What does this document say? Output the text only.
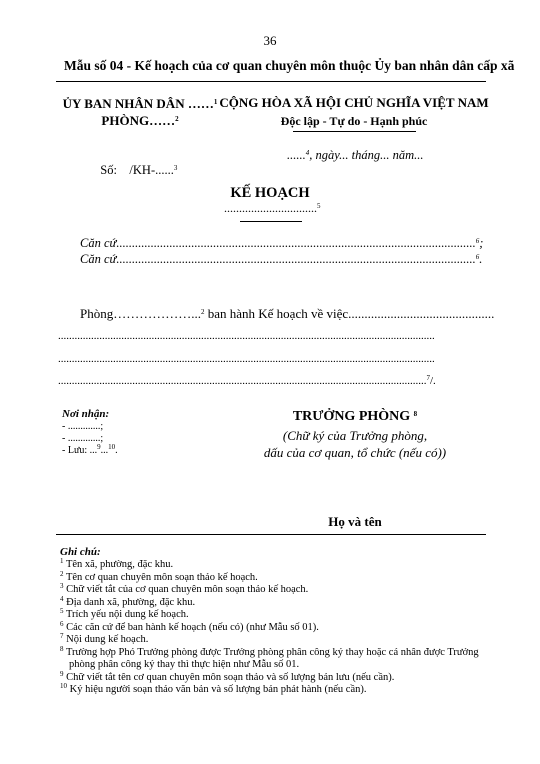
36
Mẫu số 04 - Kế hoạch của cơ quan chuyên môn thuộc Ủy ban nhân dân cấp xã
ỦY BAN NHÂN DÂN ……$^1$
PHÒNG……$^2$
CỘNG HÒA XÃ HỘI CHỦ NGHĨA VIỆT NAM
Độc lập - Tự do - Hạnh phúc

Số:    /KH-......$^3$

......$^4$, ngày... tháng... năm...
KẾ HOẠCH
...............................$^5$
Căn cứ...................................................................................................................$^6$;
Căn cứ...................................................................................................................$^6$.
Phòng………………...$^2$ ban hành Kế hoạch về việc.............................................
.........................................................................................................................................
.........................................................................................................................................
......................................................................................................................................$^7$/.
Nơi nhận:
- .............;
- .............;
- Lưu: ...$^9$...$^{10}$.
TRƯỞNG PHÒNG $^8$
(Chữ ký của Trưởng phòng,
dấu của cơ quan, tổ chức (nếu có))
Họ và tên
Ghi chú:
$^1$ Tên xã, phường, đặc khu.
$^2$ Tên cơ quan chuyên môn soạn thảo kế hoạch.
$^3$ Chữ viết tắt của cơ quan chuyên môn soạn thảo kế hoạch.
$^4$ Địa danh xã, phường, đặc khu.
$^5$ Trích yếu nội dung kế hoạch.
$^6$ Các căn cứ để ban hành kế hoạch (nếu có) (như Mẫu số 01).
$^7$ Nội dung kế hoạch.
$^8$ Trường hợp Phó Trưởng phòng được Trưởng phòng phân công ký thay hoặc cá nhân được Trưởng phòng phân công ký thay thì thực hiện như Mẫu số 01.
$^9$ Chữ viết tắt tên cơ quan chuyên môn soạn thảo và số lượng bản lưu (nếu cần).
$^{10}$ Ký hiệu người soạn thảo văn bản và số lượng bản phát hành (nếu cần).
